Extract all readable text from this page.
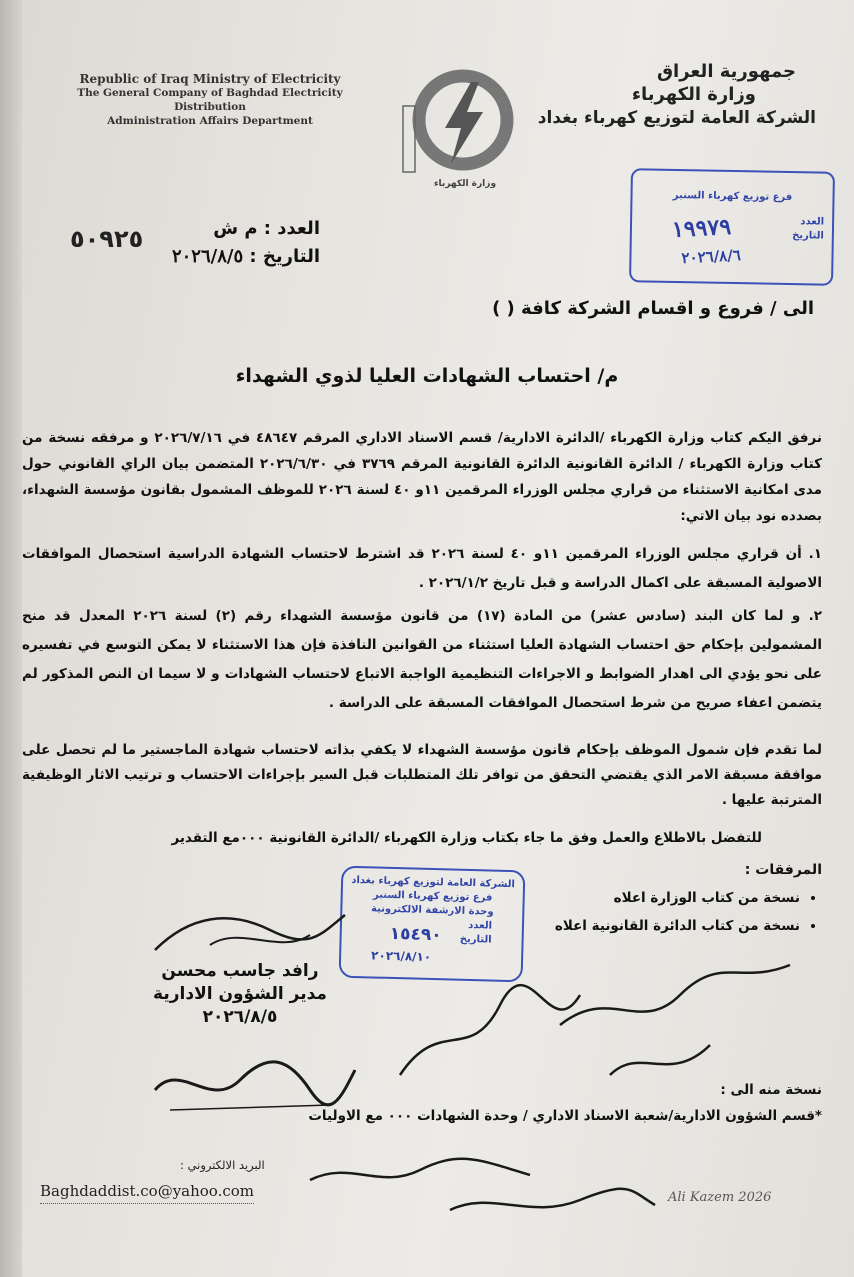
Republic of Iraq Ministry of Electricity
The General Company of Baghdad Electricity Distribution
Administration Affairs Department
وزارة الكهرباء
جمهورية العراق
وزارة الكهرباء
الشركة العامة لتوزيع كهرباء بغداد
فرع توزيع كهرباء السنبر
العدد
التاريخ
١٩٩٧٩
٢٠٢٦/٨/٦
العدد : م ش
التاريخ : ٢٠٢٦/٨/٥
٥٠٩٢٥
الى / فروع و اقسام الشركة كافة ( )
م/ احتساب الشهادات العليا لذوي الشهداء
نرفق اليكم كتاب وزارة الكهرباء /الدائرة الادارية/ قسم الاسناد الاداري المرقم ٤٨٦٤٧ في ٢٠٢٦/٧/١٦ و مرفقه نسخة من كتاب وزارة الكهرباء / الدائرة القانونية الدائرة القانونية المرقم ٣٧٦٩ في ٢٠٢٦/٦/٣٠ المتضمن بيان الراي القانوني حول مدى امكانية الاستثناء من قراري مجلس الوزراء المرقمين ١١و ٤٠ لسنة ٢٠٢٦ للموظف المشمول بقانون مؤسسة الشهداء، بصدده نود بيان الاتي:
١. أن قراري مجلس الوزراء المرقمين ١١و ٤٠ لسنة ٢٠٢٦ قد اشترط لاحتساب الشهادة الدراسية استحصال الموافقات الاصولية المسبقة على اكمال الدراسة و قبل تاريخ ٢٠٢٦/١/٢ .
٢. و لما كان البند (سادس عشر) من المادة (١٧) من قانون مؤسسة الشهداء رقم (٢) لسنة ٢٠٢٦ المعدل قد منح المشمولين بإحكام حق احتساب الشهادة العليا استثناء من القوانين النافذة فإن هذا الاستثناء لا يمكن التوسع في تفسيره على نحو يؤدي الى اهدار الضوابط و الاجراءات التنظيمية الواجبة الاتباع لاحتساب الشهادات و لا سيما ان النص المذكور لم يتضمن اعفاء صريح من شرط استحصال الموافقات المسبقة على الدراسة .
لما تقدم فإن شمول الموظف بإحكام قانون مؤسسة الشهداء لا يكفي بذاته لاحتساب شهادة الماجستير ما لم تحصل على موافقة مسبقة الامر الذي يقتضي التحقق من توافر تلك المتطلبات قبل السير بإجراءات الاحتساب و ترتيب الاثار الوظيفية المترتبة عليها .
للتفضل بالاطلاع والعمل وفق ما جاء بكتاب وزارة الكهرباء /الدائرة القانونية ٠٠٠مع التقدير
المرفقات :
• نسخة من كتاب الوزارة اعلاه
• نسخة من كتاب الدائرة القانونية اعلاه
الشركة العامة لتوزيع كهرباء بغداد
فرع توزيع كهرباء السنبر
وحدة الارشفة الالكترونية
العدد
التاريخ
١٥٤٩٠
٢٠٢٦/٨/١٠
رافد جاسب محسن
مدير الشؤون الادارية
٢٠٢٦/٨/٥
نسخة منه الى :
*قسم الشؤون الادارية/شعبة الاسناد الاداري / وحدة الشهادات ٠٠٠ مع الاوليات
البريد الالكتروني :
Baghdaddist.co@yahoo.com	Ali Kazem 2026
